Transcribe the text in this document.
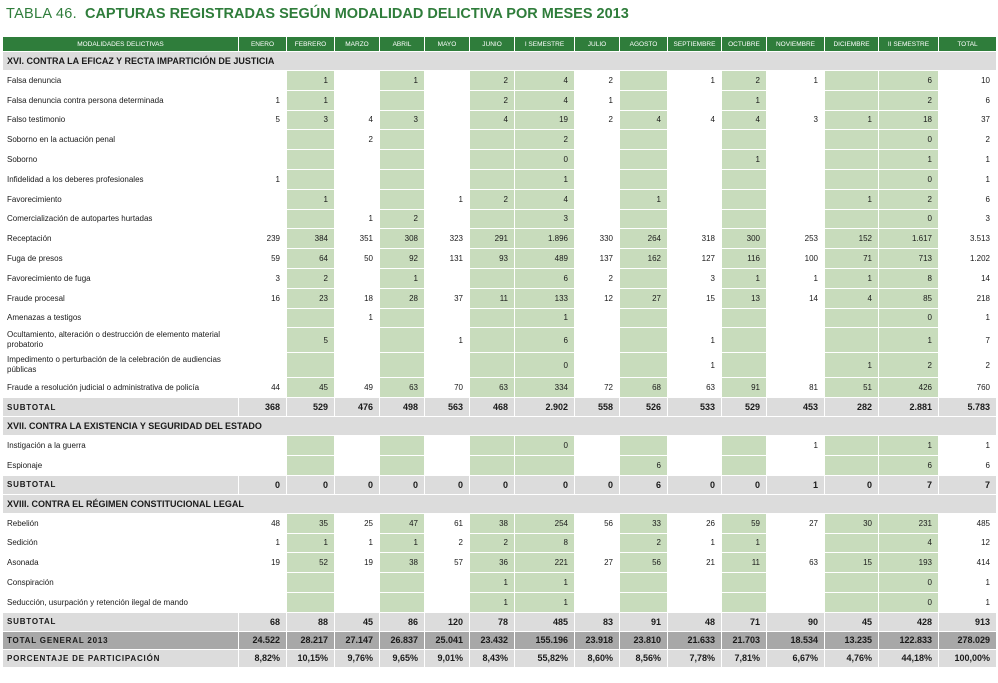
TABLA 46. CAPTURAS REGISTRADAS SEGÚN MODALIDAD DELICTIVA POR MESES 2013
MODALIDADES DELICTIVAS	ENERO	FEBRERO	MARZO	ABRIL	MAYO	JUNIO	I SEMESTRE	JULIO	AGOSTO	SEPTIEMBRE	OCTUBRE	NOVIEMBRE	DICIEMBRE	II SEMESTRE	TOTAL
XVI. CONTRA LA EFICAZ Y RECTA IMPARTICIÓN DE JUSTICIA															
Falsa denuncia		1		1		2	4	2		1	2	1		6	10
Falsa denuncia contra persona determinada	1	1				2	4	1			1			2	6
Falso testimonio	5	3	4	3		4	19	2	4	4	4	3	1	18	37
Soborno en la actuación penal			2				2							0	2
Soborno							0				1			1	1
Infidelidad a los deberes profesionales	1						1							0	1
Favorecimiento		1			1	2	4		1				1	2	6
Comercialización de autopartes hurtadas			1	2			3							0	3
Receptación	239	384	351	308	323	291	1.896	330	264	318	300	253	152	1.617	3.513
Fuga de presos	59	64	50	92	131	93	489	137	162	127	116	100	71	713	1.202
Favorecimiento de fuga	3	2		1			6	2		3	1	1	1	8	14
Fraude procesal	16	23	18	28	37	11	133	12	27	15	13	14	4	85	218
Amenazas a testigos			1				1							0	1
Ocultamiento, alteración o destrucción de elemento material probatorio		5			1		6			1				1	7
Impedimento o perturbación de la celebración de audiencias públicas							0			1			1	2	2
Fraude a resolución judicial o administrativa de policía	44	45	49	63	70	63	334	72	68	63	91	81	51	426	760
SUBTOTAL	368	529	476	498	563	468	2.902	558	526	533	529	453	282	2.881	5.783
XVII. CONTRA LA EXISTENCIA Y SEGURIDAD DEL ESTADO															
Instigación a la guerra							0					1		1	1
Espionaje									6					6	6
SUBTOTAL	0	0	0	0	0	0	0	0	6	0	0	1	0	7	7
XVIII. CONTRA EL RÉGIMEN CONSTITUCIONAL LEGAL															
Rebelión	48	35	25	47	61	38	254	56	33	26	59	27	30	231	485
Sedición	1	1	1	1	2	2	8		2	1	1			4	12
Asonada	19	52	19	38	57	36	221	27	56	21	11	63	15	193	414
Conspiración						1	1							0	1
Seducción, usurpación y retención ilegal de mando						1	1							0	1
SUBTOTAL	68	88	45	86	120	78	485	83	91	48	71	90	45	428	913
TOTAL GENERAL 2013	24.522	28.217	27.147	26.837	25.041	23.432	155.196	23.918	23.810	21.633	21.703	18.534	13.235	122.833	278.029
PORCENTAJE DE PARTICIPACIÓN	8,82%	10,15%	9,76%	9,65%	9,01%	8,43%	55,82%	8,60%	8,56%	7,78%	7,81%	6,67%	4,76%	44,18%	100,00%
